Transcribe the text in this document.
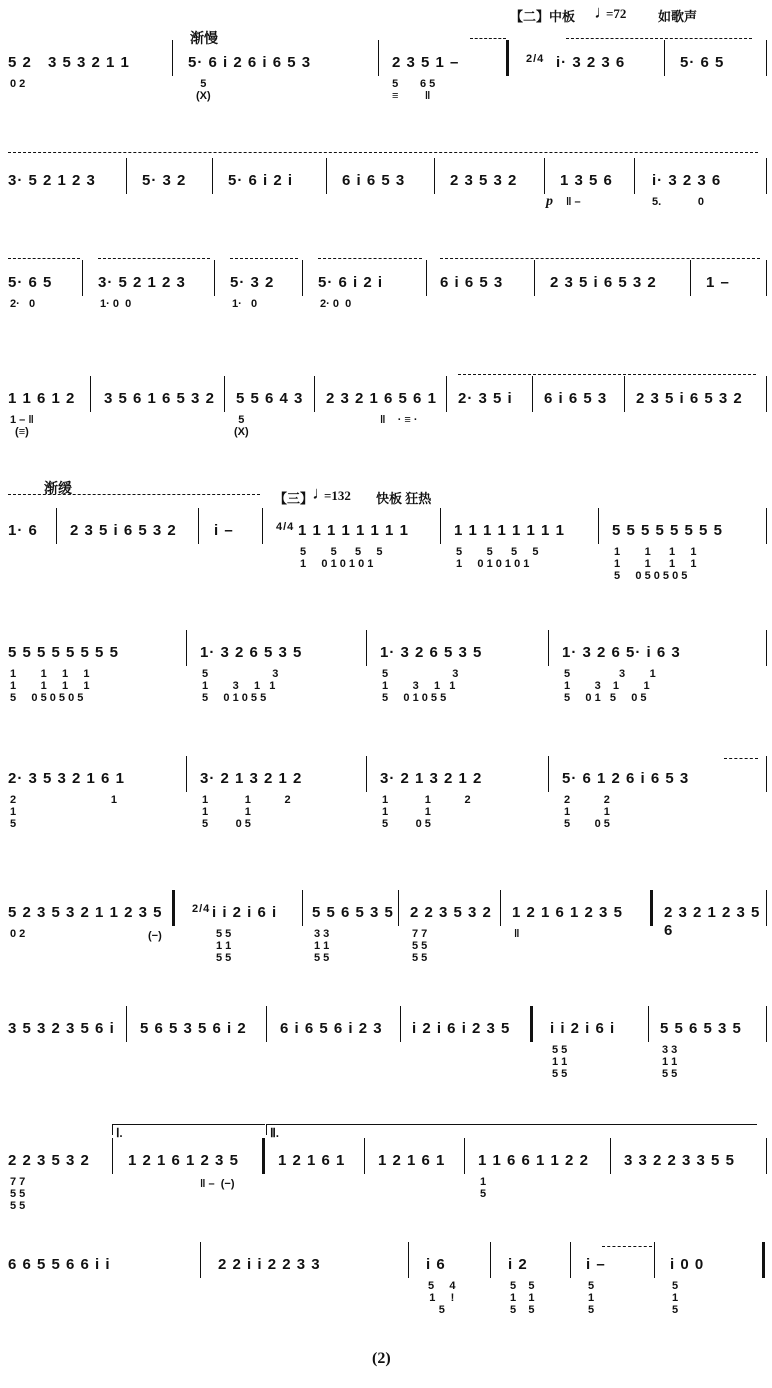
【二】中板 ♩
=72 如歌声
渐慢
5 2 3 5 3 2 1 1	5· 6 i 2 6 i 6 5 3	2 3 5 1 –	2/4 i· 3 2 3 6	5· 6 5
0 2	5
(X)
5
≡
6 5
‖
3· 5 2 1 2 3	5· 3 2	5· 6 i 2 i	6 i 6 5 3	2 3 5 3 2	1 3 5 6	i· 3 2 3 6
p ‖ –	5.            0
5· 6 5	3· 5 2 1 2 3	5· 3 2	5· 6 i 2 i	6 i 6 5 3	2 3 5 i 6 5 3 2	1 –
2·   0	1· 0  0	1·   0	2· 0  0
1 1 6 1 2 3 5 6 1 6 5 3 2 5 5 6 4 3 2 3 2 1 6 5 6 1 2· 3 5 i 6 i 6 5 3 2 3 5 i 6 5 3 2
1 – ‖
(≡)
5
(X)
‖    · ≡ ·
渐缓
【三】
♩
=132 快板 狂热
1· 6 2 3 5 i 6 5 3 2 i –	4/4 1 1 1 1 1 1 1 1	1 1 1 1 1 1 1 1	5 5 5 5 5 5 5 5
5        5      5     5
1     0 1 0 1 0 1
5        5      5     5
1     0 1 0 1 0 1
1        1      1     1
1        1      1     1
5     0 5 0 5 0 5
5 5 5 5 5 5 5 5	1· 3 2 6 5 3 5	1· 3 2 6 5 3 5	1· 3 2 6 5· i 6 3
1        1     1     1
1        1     1     1
5     0 5 0 5 0 5
5                     3
1        3     1   1
5     0 1 0 5 5
5                     3
1        3     1   1
5     0 1 0 5 5
5                3        1
1        3    1        1
5     0 1   5     0 5
2· 3 5 3 2 1 6 1	3· 2 1 3 2 1 2	3· 2 1 3 2 1 2	5· 6 1 2 6 i 6 5 3
2                               1
1
5
1            1           2
1            1
5         0 5
1            1           2
1            1
5         0 5
2           2
1           1
5        0 5
5 2 3 5 3 2 1 1 2 3 5	2/4 i i 2 i 6 i 5 5 6 5 3 5 2 2 3 5 3 2 1 2 1 6 1 2 3 5	2 3 2 1 2 3 5 6
0 2	(−)	5 5
1 1
5 5
3 3
1 1
5 5
7 7
5 5
5 5
‖
3 5 3 2 3 5 6 i 5 6 5 3 5 6 i 2 6 i 6 5 6 i 2 3 i 2 i 6 i 2 3 5	i i 2 i 6 i	5 5 6 5 3 5
5 5
1 1
5 5
3 3
1 1
5 5
Ⅰ.	Ⅱ.
2 2 3 5 3 2	1 2 1 6 1 2 3 5	1 2 1 6 1 1 2 1 6 1 1 1 6 6 1 1 2 2 3 3 2 2 3 3 5 5
7 7
5 5
5 5
‖ –  (−)	1
5
6 6 5 5 6 6 i i	2 2 i i 2 2 3 3	i 6	i 2	i –	i 0 0
5     4
1     !
5
5    5
1    1
5    5
5
1
5
5
1
5
(2)
